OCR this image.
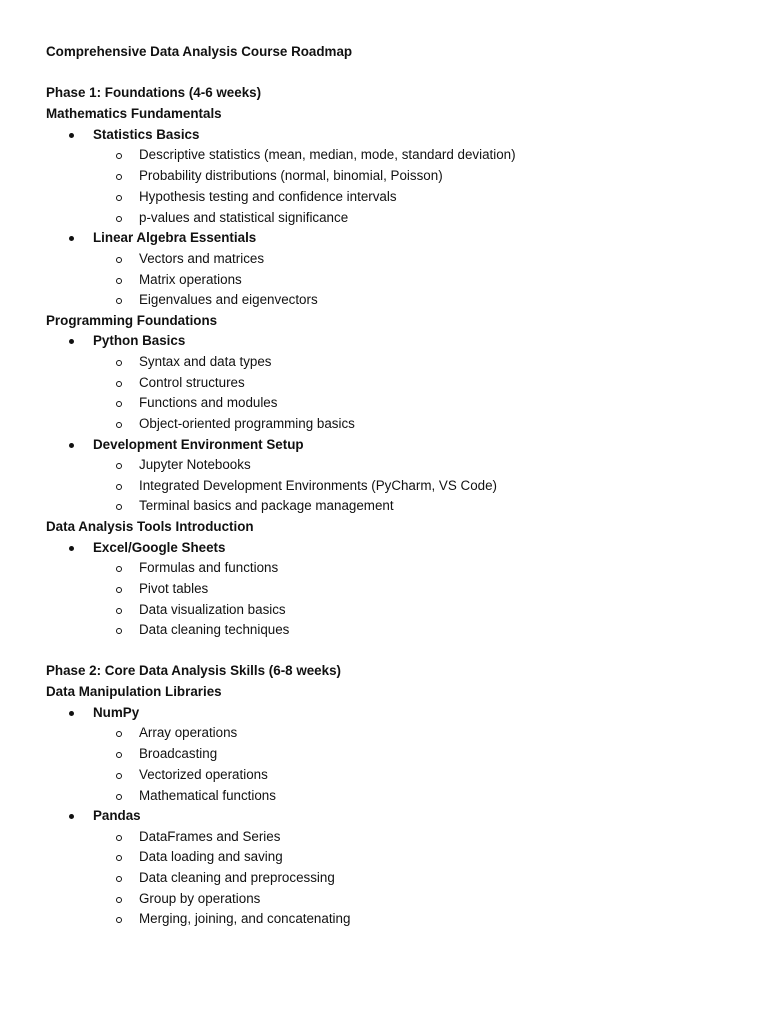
Comprehensive Data Analysis Course Roadmap
Phase 1: Foundations (4-6 weeks)
Mathematics Fundamentals
Statistics Basics
Descriptive statistics (mean, median, mode, standard deviation)
Probability distributions (normal, binomial, Poisson)
Hypothesis testing and confidence intervals
p-values and statistical significance
Linear Algebra Essentials
Vectors and matrices
Matrix operations
Eigenvalues and eigenvectors
Programming Foundations
Python Basics
Syntax and data types
Control structures
Functions and modules
Object-oriented programming basics
Development Environment Setup
Jupyter Notebooks
Integrated Development Environments (PyCharm, VS Code)
Terminal basics and package management
Data Analysis Tools Introduction
Excel/Google Sheets
Formulas and functions
Pivot tables
Data visualization basics
Data cleaning techniques
Phase 2: Core Data Analysis Skills (6-8 weeks)
Data Manipulation Libraries
NumPy
Array operations
Broadcasting
Vectorized operations
Mathematical functions
Pandas
DataFrames and Series
Data loading and saving
Data cleaning and preprocessing
Group by operations
Merging, joining, and concatenating
